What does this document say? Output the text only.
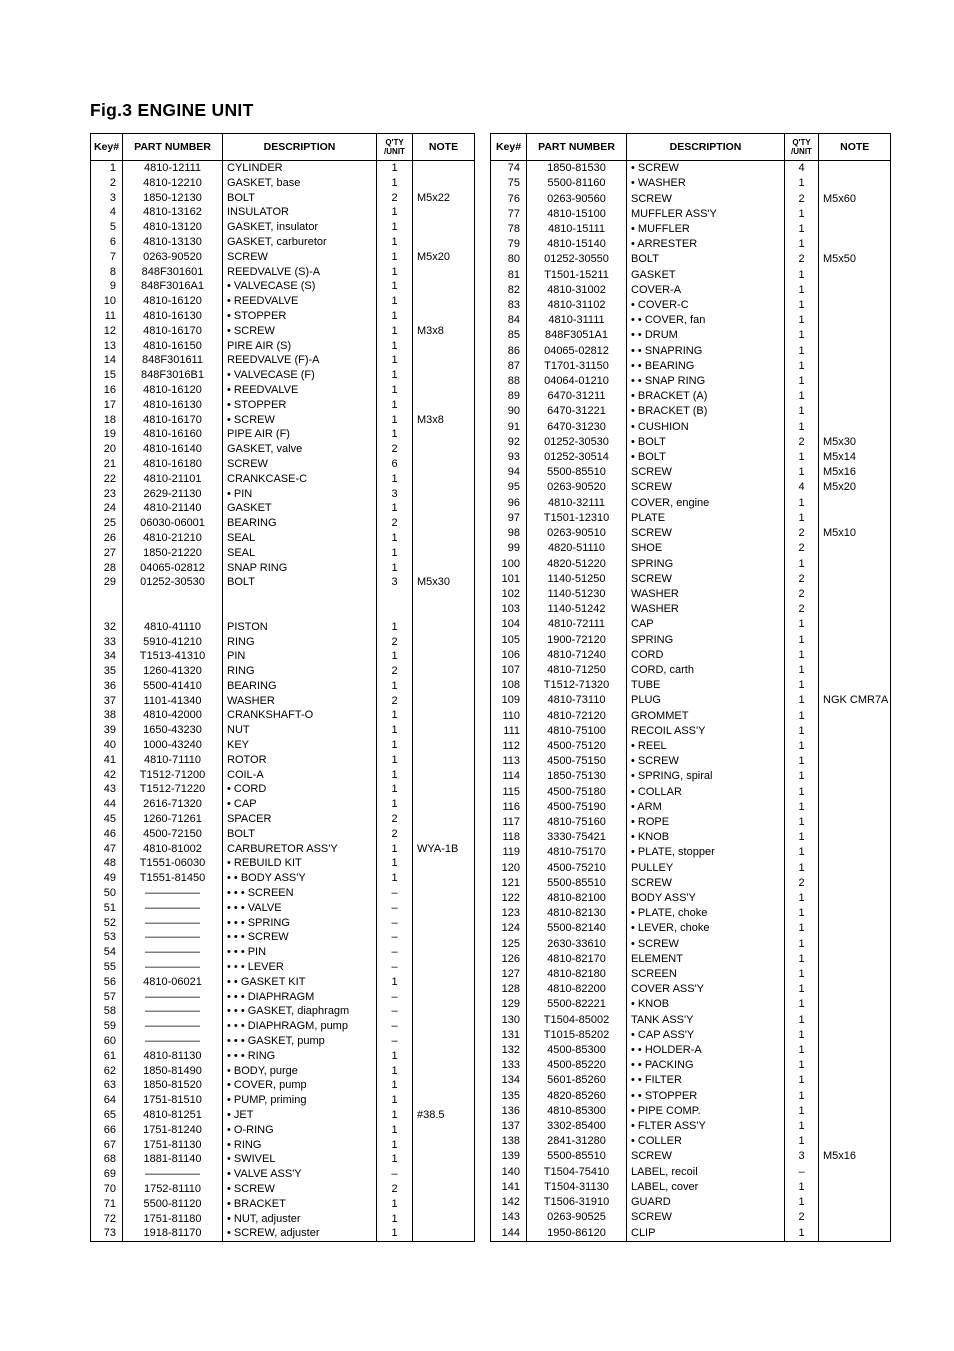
Fig.3 ENGINE UNIT
Key#	PART NUMBER	DESCRIPTION	Q'TY
/UNIT	NOTE
1	4810-12111	CYLINDER	1	
2	4810-12210	GASKET, base	1	
3	1850-12130	BOLT	2	M5x22
4	4810-13162	INSULATOR	1	
5	4810-13120	GASKET, insulator	1	
6	4810-13130	GASKET, carburetor	1	
7	0263-90520	SCREW	1	M5x20
8	848F301601	REEDVALVE (S)-A	1	
9	848F3016A1	• VALVECASE (S)	1	
10	4810-16120	• REEDVALVE	1	
11	4810-16130	• STOPPER	1	
12	4810-16170	• SCREW	1	M3x8
13	4810-16150	PIRE AIR (S)	1	
14	848F301611	REEDVALVE (F)-A	1	
15	848F3016B1	• VALVECASE (F)	1	
16	4810-16120	• REEDVALVE	1	
17	4810-16130	• STOPPER	1	
18	4810-16170	• SCREW	1	M3x8
19	4810-16160	PIPE AIR (F)	1	
20	4810-16140	GASKET, valve	2	
21	4810-16180	SCREW	6	
22	4810-21101	CRANKCASE-C	1	
23	2629-21130	• PIN	3	
24	4810-21140	GASKET	1	
25	06030-06001	BEARING	2	
26	4810-21210	SEAL	1	
27	1850-21220	SEAL	1	
28	04065-02812	SNAP RING	1	
29	01252-30530	BOLT	3	M5x30

32	4810-41110	PISTON	1	
33	5910-41210	RING	2	
34	T1513-41310	PIN	1	
35	1260-41320	RING	2	
36	5500-41410	BEARING	1	
37	1101-41340	WASHER	2	
38	4810-42000	CRANKSHAFT-O	1	
39	1650-43230	NUT	1	
40	1000-43240	KEY	1	
41	4810-71110	ROTOR	1	
42	T1512-71200	COIL-A	1	
43	T1512-71220	• CORD	1	
44	2616-71320	• CAP	1	
45	1260-71261	SPACER	2	
46	4500-72150	BOLT	2	
47	4810-81002	CARBURETOR ASS'Y	1	WYA-1B
48	T1551-06030	• REBUILD KIT	1	
49	T1551-81450	• • BODY ASS'Y	1	
50	—————	• • • SCREEN	–	
51	—————	• • • VALVE	–	
52	—————	• • • SPRING	–	
53	—————	• • • SCREW	–	
54	—————	• • • PIN	–	
55	—————	• • • LEVER	–	
56	4810-06021	• • GASKET KIT	1	
57	—————	• • • DIAPHRAGM	–	
58	—————	• • • GASKET, diaphragm	–	
59	—————	• • • DIAPHRAGM, pump	–	
60	—————	• • • GASKET, pump	–	
61	4810-81130	• • • RING	1	
62	1850-81490	• BODY, purge	1	
63	1850-81520	• COVER, pump	1	
64	1751-81510	• PUMP, priming	1	
65	4810-81251	• JET	1	#38.5
66	1751-81240	• O-RING	1	
67	1751-81130	• RING	1	
68	1881-81140	• SWIVEL	1	
69	—————	• VALVE ASS'Y	–	
70	1752-81110	• SCREW	2	
71	5500-81120	• BRACKET	1	
72	1751-81180	• NUT, adjuster	1	
73	1918-81170	• SCREW, adjuster	1	
Key#	PART NUMBER	DESCRIPTION	Q'TY
/UNIT	NOTE
74	1850-81530	• SCREW	4	
75	5500-81160	• WASHER	1	
76	0263-90560	SCREW	2	M5x60
77	4810-15100	MUFFLER ASS'Y	1	
78	4810-15111	• MUFFLER	1	
79	4810-15140	• ARRESTER	1	
80	01252-30550	BOLT	2	M5x50
81	T1501-15211	GASKET	1	
82	4810-31002	COVER-A	1	
83	4810-31102	• COVER-C	1	
84	4810-31111	• • COVER, fan	1	
85	848F3051A1	• • DRUM	1	
86	04065-02812	• • SNAPRING	1	
87	T1701-31150	• • BEARING	1	
88	04064-01210	• • SNAP RING	1	
89	6470-31211	• BRACKET (A)	1	
90	6470-31221	• BRACKET (B)	1	
91	6470-31230	• CUSHION	1	
92	01252-30530	• BOLT	2	M5x30
93	01252-30514	• BOLT	1	M5x14
94	5500-85510	SCREW	1	M5x16
95	0263-90520	SCREW	4	M5x20
96	4810-32111	COVER, engine	1	
97	T1501-12310	PLATE	1	
98	0263-90510	SCREW	2	M5x10
99	4820-51110	SHOE	2	
100	4820-51220	SPRING	1	
101	1140-51250	SCREW	2	
102	1140-51230	WASHER	2	
103	1140-51242	WASHER	2	
104	4810-72111	CAP	1	
105	1900-72120	SPRING	1	
106	4810-71240	CORD	1	
107	4810-71250	CORD, carth	1	
108	T1512-71320	TUBE	1	
109	4810-73110	PLUG	1	NGK CMR7A
110	4810-72120	GROMMET	1	
111	4810-75100	RECOIL ASS'Y	1	
112	4500-75120	• REEL	1	
113	4500-75150	• SCREW	1	
114	1850-75130	• SPRING, spiral	1	
115	4500-75180	• COLLAR	1	
116	4500-75190	• ARM	1	
117	4810-75160	• ROPE	1	
118	3330-75421	• KNOB	1	
119	4810-75170	• PLATE, stopper	1	
120	4500-75210	PULLEY	1	
121	5500-85510	SCREW	2	
122	4810-82100	BODY ASS'Y	1	
123	4810-82130	• PLATE, choke	1	
124	5500-82140	• LEVER, choke	1	
125	2630-33610	• SCREW	1	
126	4810-82170	ELEMENT	1	
127	4810-82180	SCREEN	1	
128	4810-82200	COVER ASS'Y	1	
129	5500-82221	• KNOB	1	
130	T1504-85002	TANK ASS'Y	1	
131	T1015-85202	• CAP ASS'Y	1	
132	4500-85300	• • HOLDER-A	1	
133	4500-85220	• • PACKING	1	
134	5601-85260	• • FILTER	1	
135	4820-85260	• • STOPPER	1	
136	4810-85300	• PIPE COMP.	1	
137	3302-85400	• FLTER ASS'Y	1	
138	2841-31280	• COLLER	1	
139	5500-85510	SCREW	3	M5x16
140	T1504-75410	LABEL, recoil	–	
141	T1504-31130	LABEL, cover	1	
142	T1506-31910	GUARD	1	
143	0263-90525	SCREW	2	
144	1950-86120	CLIP	1	
